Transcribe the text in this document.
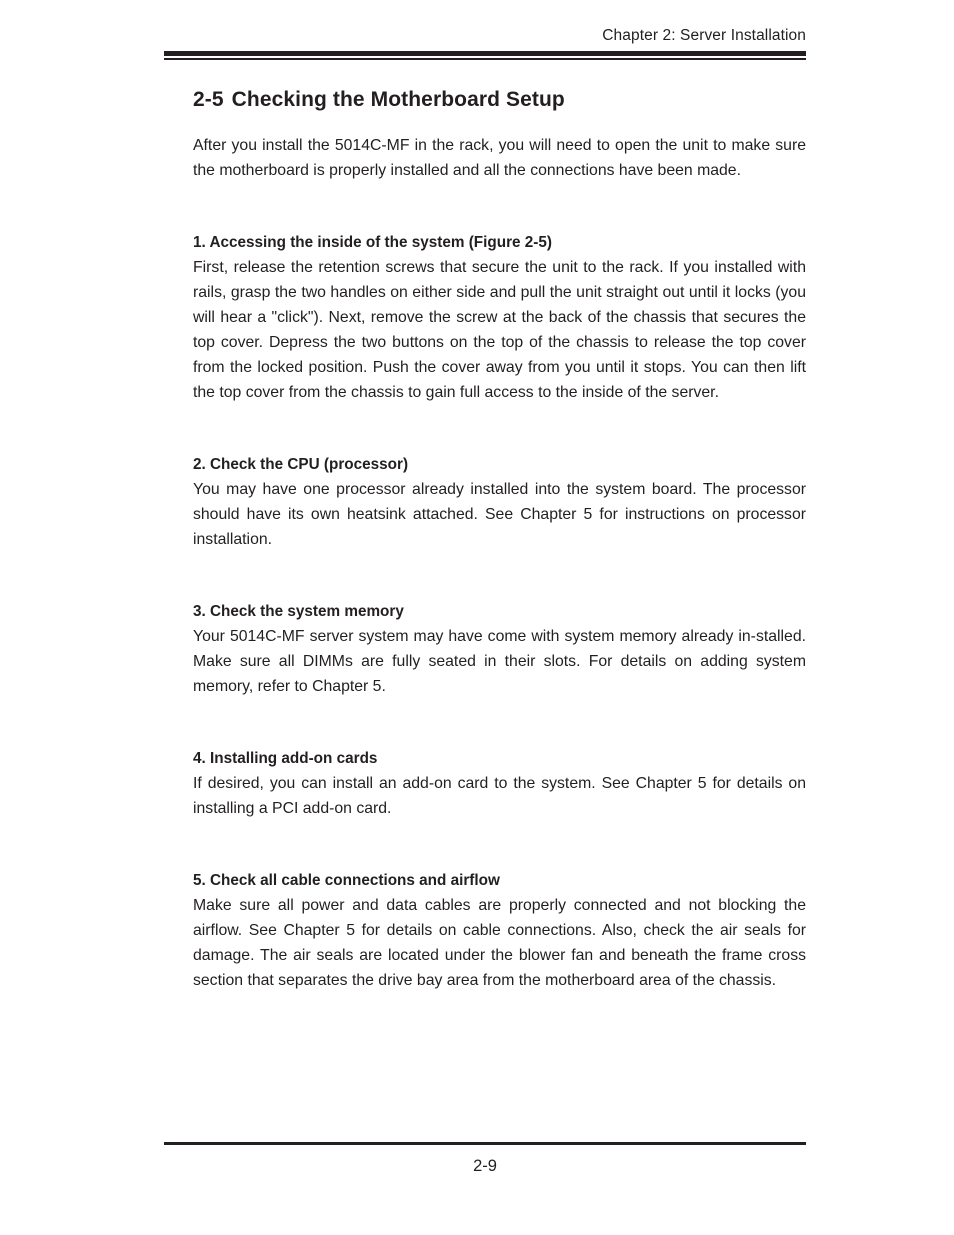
Chapter 2: Server Installation
2-5 Checking the Motherboard Setup

After you install the 5014C-MF in the rack, you will need to open the unit to make sure the motherboard is properly installed and all the connections have been made.

1. Accessing the inside of the system (Figure 2-5)

First, release the retention screws that secure the unit to the rack. If you installed with rails, grasp the two handles on either side and pull the unit straight out until it locks (you will hear a "click"). Next, remove the screw at the back of the chassis that secures the top cover. Depress the two buttons on the top of the chassis to release the top cover from the locked position. Push the cover away from you until it stops. You can then lift the top cover from the chassis to gain full access to the inside of the server.

2. Check the CPU (processor)

You may have one processor already installed into the system board. The processor should have its own heatsink attached. See Chapter 5 for instructions on processor installation.

3. Check the system memory

Your 5014C-MF server system may have come with system memory already in-stalled. Make sure all DIMMs are fully seated in their slots. For details on adding system memory, refer to Chapter 5.

4. Installing add-on cards

If desired, you can install an add-on card to the system. See Chapter 5 for details on installing a PCI add-on card.

5. Check all cable connections and airflow

Make sure all power and data cables are properly connected and not blocking the airflow. See Chapter 5 for details on cable connections. Also, check the air seals for damage. The air seals are located under the blower fan and beneath the frame cross section that separates the drive bay area from the motherboard area of the chassis.

2-9
